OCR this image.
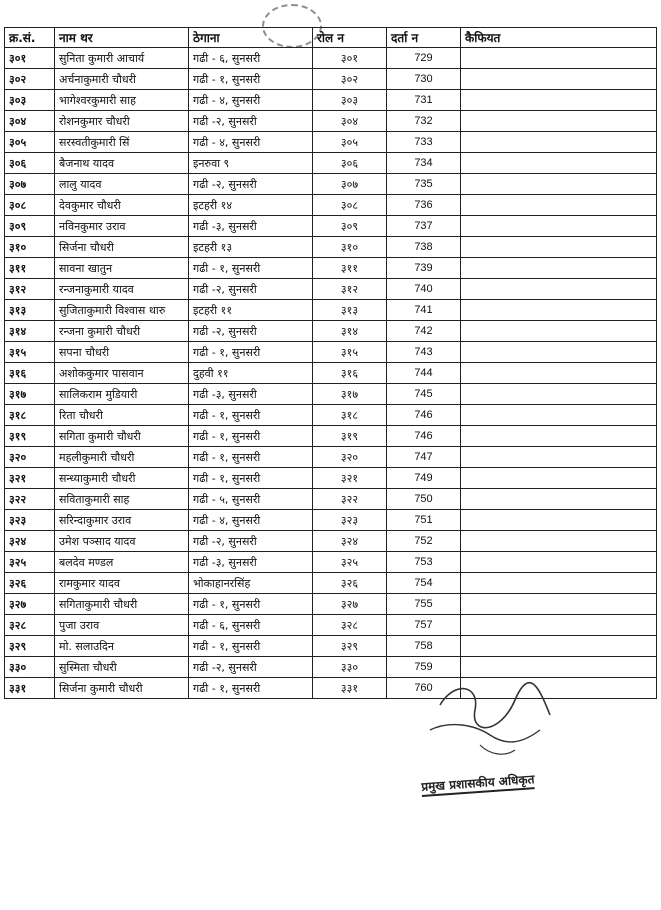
क्र.सं.	नाम थर	ठेगाना	रोल न	दर्ता न	कैफियत
३०१	सुनिता कुमारी आचार्य	गढी - ६, सुनसरी	३०१	729	
३०२	अर्चनाकुमारी चौधरी	गढी - १, सुनसरी	३०२	730	
३०३	भागेश्वरकुमारी साह	गढी - ४, सुनसरी	३०३	731	
३०४	रोशनकुमार चौधरी	गढी -२, सुनसरी	३०४	732	
३०५	सरस्वतीकुमारी सिं	गढी - ४, सुनसरी	३०५	733	
३०६	बैजनाथ यादव	इनरुवा ९	३०६	734	
३०७	लालु यादव	गढी -२, सुनसरी	३०७	735	
३०८	देवकुमार चौधरी	इटहरी १४	३०८	736	
३०९	नविनकुमार उराव	गढी -३, सुनसरी	३०९	737	
३१०	सिर्जना चौधरी	इटहरी १३	३१०	738	
३११	सावना खातुन	गढी - १, सुनसरी	३११	739	
३१२	रन्जनाकुमारी यादव	गढी -२, सुनसरी	३१२	740	
३१३	सुजिताकुमारी विश्वास थारु	इटहरी ११	३१३	741	
३१४	रन्जना कुमारी चौधरी	गढी -२, सुनसरी	३१४	742	
३१५	सपना चौधरी	गढी - १, सुनसरी	३१५	743	
३१६	अशोककुमार पासवान	दुहवी ११	३१६	744	
३१७	सालिकराम मुडियारी	गढी -३, सुनसरी	३१७	745	
३१८	रिता चौधरी	गढी - १, सुनसरी	३१८	746	
३१९	सगिता कुमारी चौधरी	गढी - १, सुनसरी	३१९	746	
३२०	महलीकुमारी चौधरी	गढी - १, सुनसरी	३२०	747	
३२१	सन्ध्याकुमारी चौधरी	गढी - १, सुनसरी	३२१	749	
३२२	सविताकुमारी साह	गढी - ५, सुनसरी	३२२	750	
३२३	सरिन्दाकुमार उराव	गढी - ४, सुनसरी	३२३	751	
३२४	उमेश पञ्साद यादव	गढी -२, सुनसरी	३२४	752	
३२५	बलदेव मण्डल	गढी -३, सुनसरी	३२५	753	
३२६	रामकुमार यादव	भोकाहानरसिंह	३२६	754	
३२७	सगिताकुमारी चौधरी	गढी - १, सुनसरी	३२७	755	
३२८	पुजा उराव	गढी - ६, सुनसरी	३२८	757	
३२९	मो. सलाउदिन	गढी - १, सुनसरी	३२९	758	
३३०	सुस्मिता चौधरी	गढी -२, सुनसरी	३३०	759	
३३१	सिर्जना कुमारी चौधरी	गढी - १, सुनसरी	३३१	760	
प्रमुख प्रशासकीय अधिकृत
